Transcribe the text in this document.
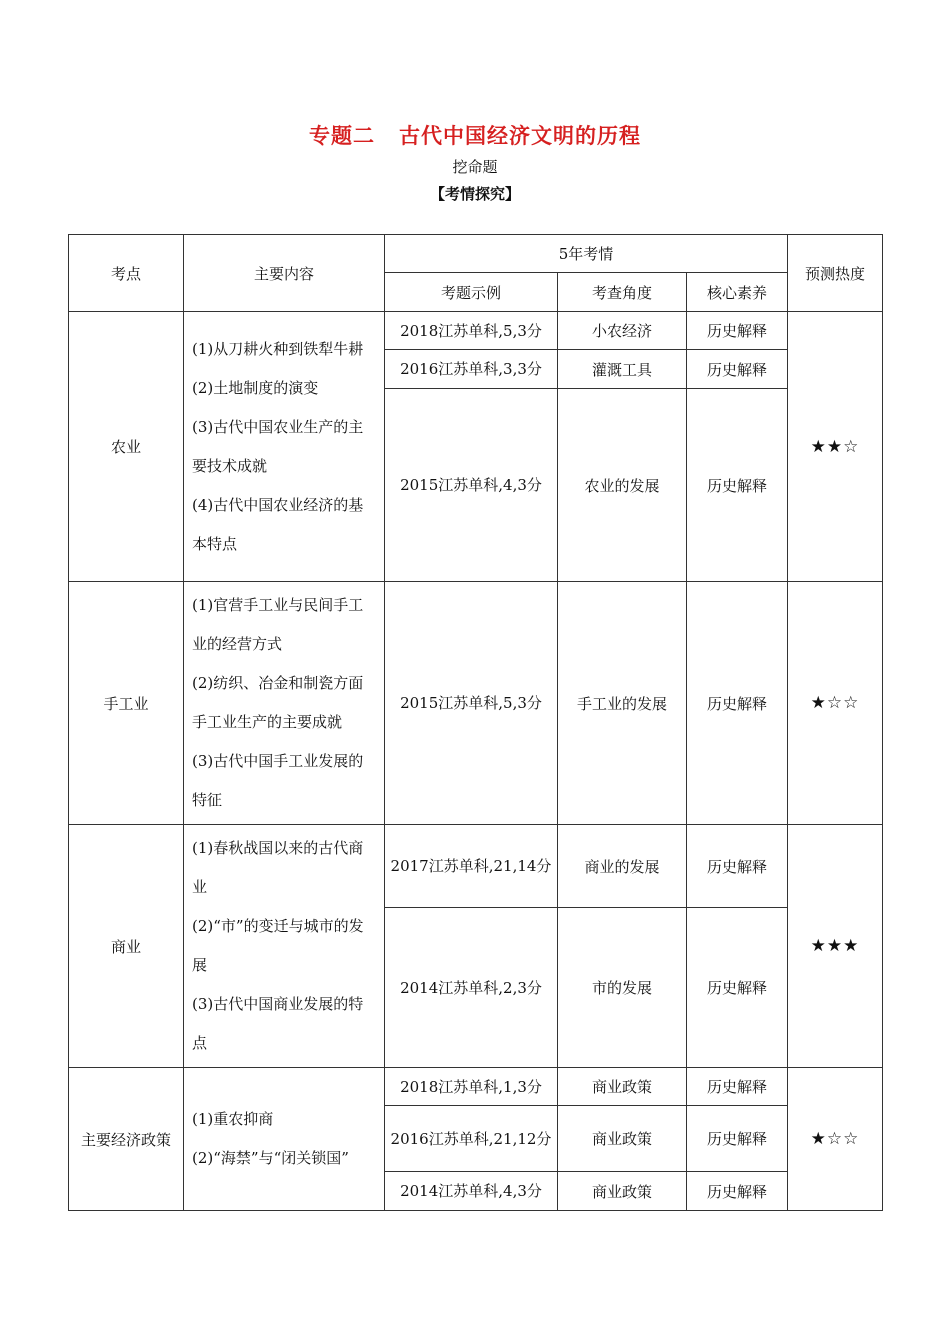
专题二 古代中国经济文明的历程
挖命题
【考情探究】
考点	主要内容	5年考情			预测热度
		考题示例	考查角度	核心素养	
农业	(1)从刀耕火种到铁犁牛耕
(2)土地制度的演变
(3)古代中国农业生产的主要技术成就
(4)古代中国农业经济的基本特点	2018江苏单科,5,3分	小农经济	历史解释	★★☆
		2016江苏单科,3,3分	灌溉工具	历史解释	
		2015江苏单科,4,3分	农业的发展	历史解释	
手工业	(1)官营手工业与民间手工业的经营方式
(2)纺织、冶金和制瓷方面手工业生产的主要成就
(3)古代中国手工业发展的特征	2015江苏单科,5,3分	手工业的发展	历史解释	★☆☆
商业	(1)春秋战国以来的古代商业
(2)“市”的变迁与城市的发展
(3)古代中国商业发展的特点	2017江苏单科,21,14分	商业的发展	历史解释	★★★
		2014江苏单科,2,3分	市的发展	历史解释	
主要经济政策	(1)重农抑商
(2)“海禁”与“闭关锁国”	2018江苏单科,1,3分	商业政策	历史解释	★☆☆
		2016江苏单科,21,12分	商业政策	历史解释	
		2014江苏单科,4,3分	商业政策	历史解释	
